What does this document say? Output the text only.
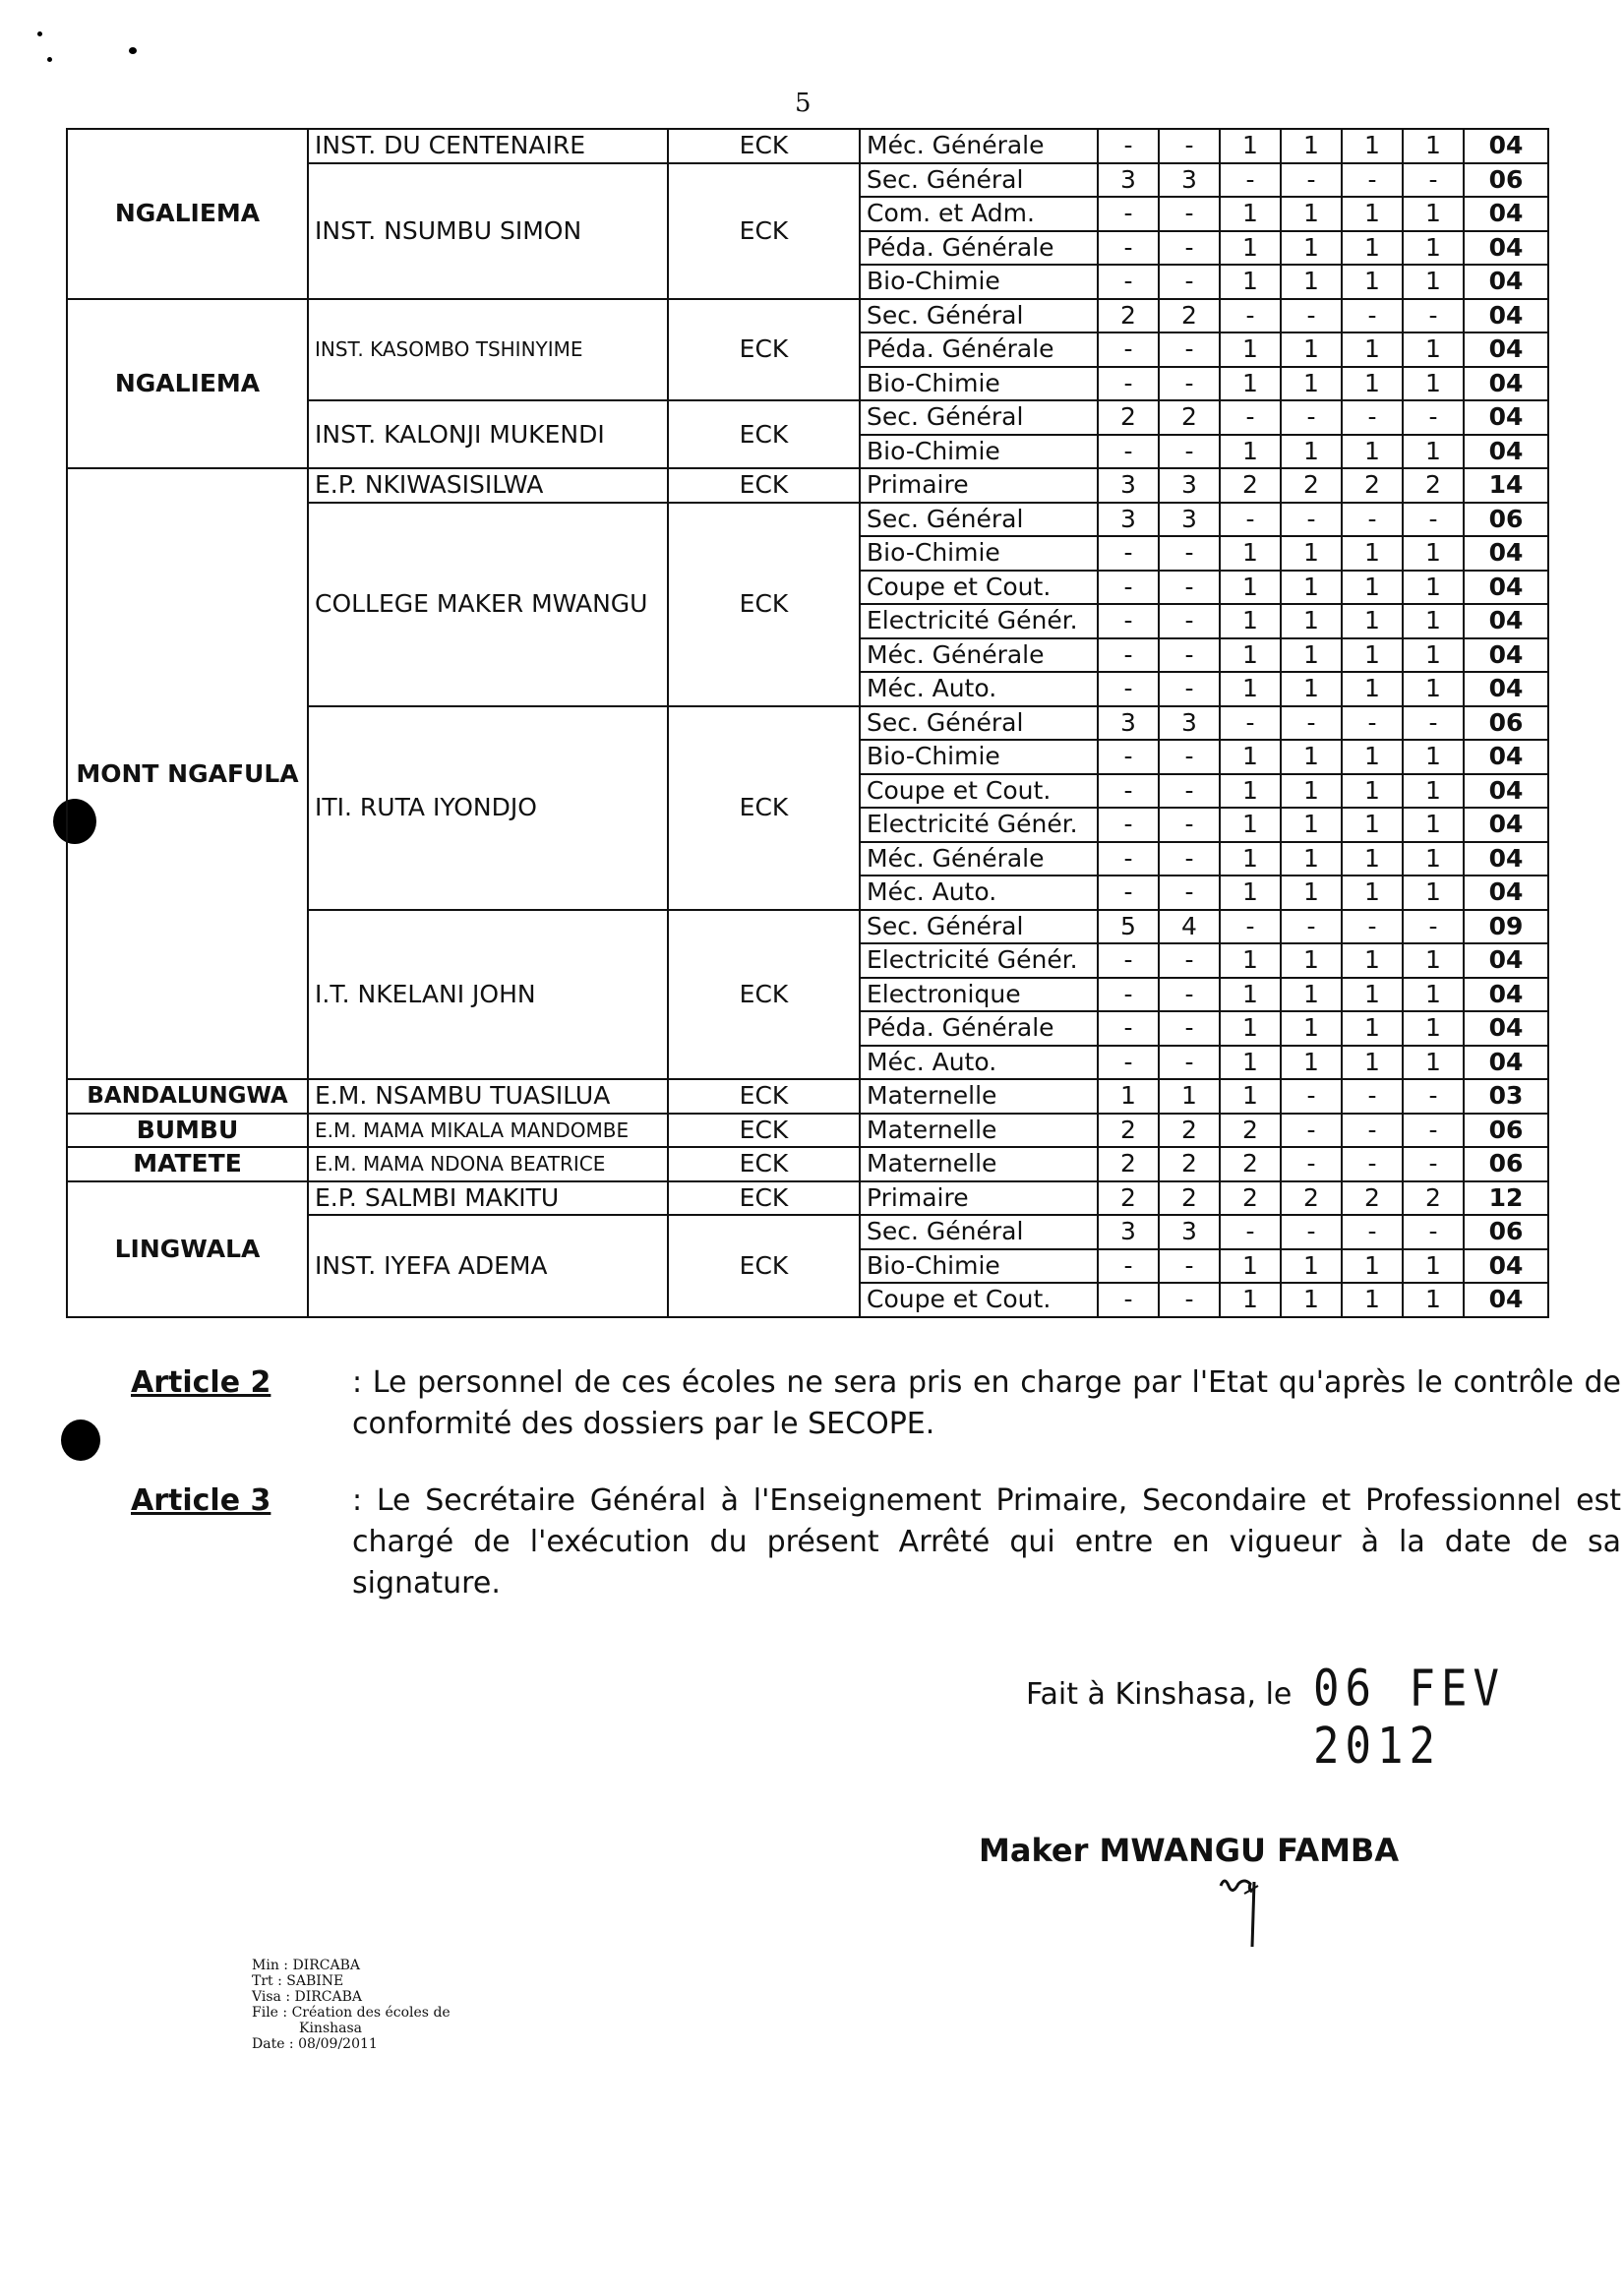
5
NGALIEMA	INST. DU CENTENAIRE	ECK	Méc. Générale	-	-	1	1	1	1	04
	INST. NSUMBU SIMON	ECK	Sec. Général	3	3	-	-	-	-	06
			Com. et Adm.	-	-	1	1	1	1	04
			Péda. Générale	-	-	1	1	1	1	04
			Bio-Chimie	-	-	1	1	1	1	04
NGALIEMA	INST. KASOMBO TSHINYIME	ECK	Sec. Général	2	2	-	-	-	-	04
			Péda. Générale	-	-	1	1	1	1	04
			Bio-Chimie	-	-	1	1	1	1	04
	INST. KALONJI MUKENDI	ECK	Sec. Général	2	2	-	-	-	-	04
			Bio-Chimie	-	-	1	1	1	1	04
MONT NGAFULA	E.P. NKIWASISILWA	ECK	Primaire	3	3	2	2	2	2	14
	COLLEGE MAKER MWANGU	ECK	Sec. Général	3	3	-	-	-	-	06
			Bio-Chimie	-	-	1	1	1	1	04
			Coupe et Cout.	-	-	1	1	1	1	04
			Electricité Génér.	-	-	1	1	1	1	04
			Méc. Générale	-	-	1	1	1	1	04
			Méc. Auto.	-	-	1	1	1	1	04
	ITI. RUTA IYONDJO	ECK	Sec. Général	3	3	-	-	-	-	06
			Bio-Chimie	-	-	1	1	1	1	04
			Coupe et Cout.	-	-	1	1	1	1	04
			Electricité Génér.	-	-	1	1	1	1	04
			Méc. Générale	-	-	1	1	1	1	04
			Méc. Auto.	-	-	1	1	1	1	04
	I.T. NKELANI JOHN	ECK	Sec. Général	5	4	-	-	-	-	09
			Electricité Génér.	-	-	1	1	1	1	04
			Electronique	-	-	1	1	1	1	04
			Péda. Générale	-	-	1	1	1	1	04
			Méc. Auto.	-	-	1	1	1	1	04
BANDALUNGWA	E.M. NSAMBU TUASILUA	ECK	Maternelle	1	1	1	-	-	-	03
BUMBU	E.M. MAMA MIKALA MANDOMBE	ECK	Maternelle	2	2	2	-	-	-	06
MATETE	E.M. MAMA NDONA BEATRICE	ECK	Maternelle	2	2	2	-	-	-	06
LINGWALA	E.P. SALMBI MAKITU	ECK	Primaire	2	2	2	2	2	2	12
	INST. IYEFA ADEMA	ECK	Sec. Général	3	3	-	-	-	-	06
			Bio-Chimie	-	-	1	1	1	1	04
			Coupe et Cout.	-	-	1	1	1	1	04
Article 2	: Le personnel de ces écoles ne sera pris en charge par l'Etat qu'après le contrôle de conformité des dossiers par le SECOPE.
Article 3	: Le Secrétaire Général à l'Enseignement Primaire, Secondaire et Professionnel est chargé de l'exécution du présent Arrêté qui entre en vigueur à la date de sa signature.
Fait à Kinshasa, le 06 FEV 2012
Maker MWANGU FAMBA
Min : DIRCABA
Trt : SABINE
Visa : DIRCABA
File : Création des écoles de
Kinshasa
Date : 08/09/2011
